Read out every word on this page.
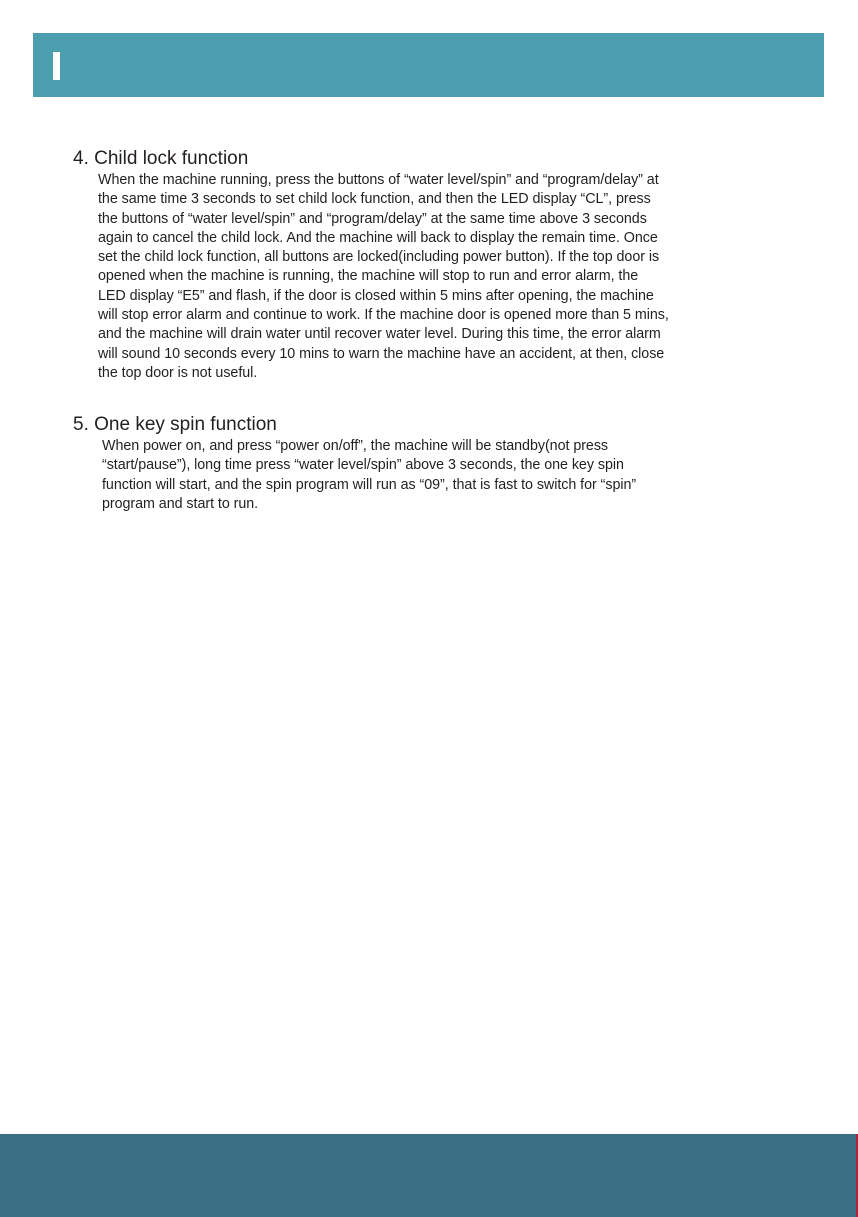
4. Child lock function
When the machine running, press the buttons of “water level/spin” and “program/delay” at
the same time 3 seconds to set child lock function, and then the LED display “CL”, press
the buttons of “water level/spin” and “program/delay” at the same time above 3 seconds
again to cancel the child lock. And the machine will back to display the remain time. Once
set the child lock function, all buttons are locked(including power button). If the top door is
opened when the machine is running, the machine will stop to run and error alarm, the
LED display “E5” and flash, if the door is closed within 5 mins after opening, the machine
will stop error alarm and continue to work. If the machine door is opened more than 5 mins,
and the machine will drain water until recover water level. During this time, the error alarm
will sound 10 seconds every 10 mins to warn the machine have an accident, at then, close
the top door is not useful.
5. One key spin function
When power on, and press “power on/off”, the machine will be standby(not press
“start/pause”), long time press “water level/spin” above 3 seconds, the one key spin
function will start, and the spin program will run as “09”, that is fast to switch for “spin”
program and start to run.
